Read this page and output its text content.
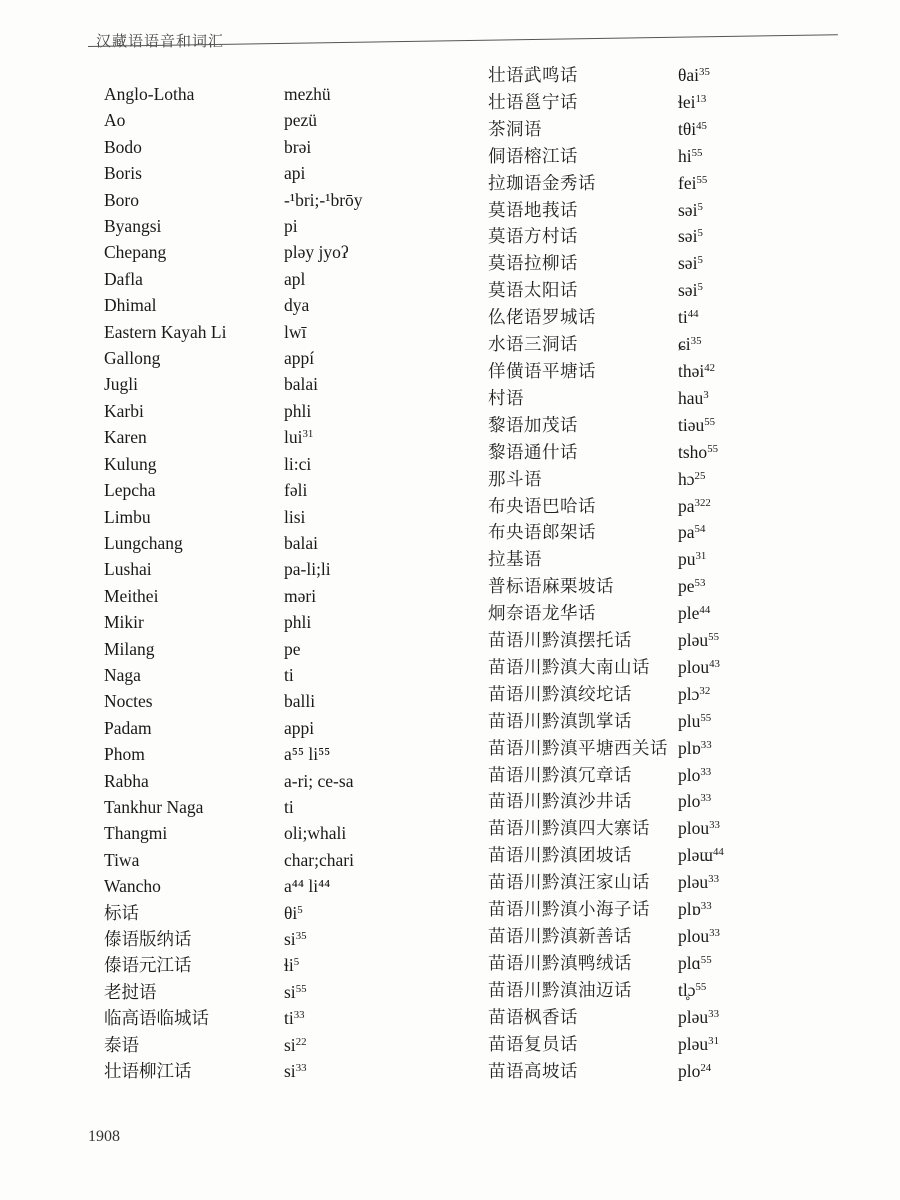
汉藏语语音和词汇
Anglo-Lotha	mezhü
Ao	pezü
Bodo	brəi
Boris	api
Boro	-¹bri;-¹brōy
Byangsi	pi
Chepang	pləy jyoʔ
Dafla	apl
Dhimal	dya
Eastern Kayah Li	lwī
Gallong	appí
Jugli	balai
Karbi	phli
Karen	lui$^{31}$
Kulung	li:ci
Lepcha	fəli
Limbu	lisi
Lungchang	balai
Lushai	pa-li;li
Meithei	məri
Mikir	phli
Milang	pe
Naga	ti
Noctes	balli
Padam	appi
Phom	a⁵⁵ li⁵⁵
Rabha	a-ri; ce-sa
Tankhur Naga	ti
Thangmi	oli;whali
Tiwa	char;chari
Wancho	a⁴⁴ li⁴⁴
标话	$\theta i^5$
傣语版纳话	$si^{35}$
傣语元江话	ɬi$^5$
老挝语	$si^{55}$
临高语临城话	$ti^{33}$
泰语	$si^{22}$
壮语柳江话	$si^{33}$
壮语武鸣话	θai$^{35}$
壮语邕宁话	ɬei$^{13}$
茶洞语	tθi$^{45}$
侗语榕江话	$hi^{55}$
拉珈语金秀话	fei$^{55}$
莫语地莪话	səi$^5$
莫语方村话	səi$^5$
莫语拉柳话	səi$^5$
莫语太阳话	səi$^5$
仫佬语罗城话	$ti^{44}$
水语三洞话	ɕi$^{35}$
佯僙语平塘话	thəi$^{42}$
村语	hau$^3$
黎语加茂话	tiəu$^{55}$
黎语通什话	tsho$^{55}$
那斗语	hɔ$^{25}$
布央语巴哈话	$pa^{322}$
布央语郎架话	$pa^{54}$
拉基语	$pu^{31}$
普标语麻栗坡话	$pe^{53}$
炯奈语龙华话	ple$^{44}$
苗语川黔滇摆托话	pləu$^{55}$
苗语川黔滇大南山话	plou$^{43}$
苗语川黔滇绞坨话	plɔ$^{32}$
苗语川黔滇凯掌话	plu$^{55}$
苗语川黔滇平塘西关话 plɒ$^{33}$
苗语川黔滇冗章话	plo$^{33}$
苗语川黔滇沙井话	plo$^{33}$
苗语川黔滇四大寨话	plou$^{33}$
苗语川黔滇团坡话	pləɯ$^{44}$
苗语川黔滇汪家山话	pləu$^{33}$
苗语川黔滇小海子话	plɒ$^{33}$
苗语川黔滇新善话	plou$^{33}$
苗语川黔滇鸭绒话	plɑ$^{55}$
苗语川黔滇油迈话	tl̥ɔ$^{55}$
苗语枫香话	pləu$^{33}$
苗语复员话	pləu$^{31}$
苗语高坡话	plo$^{24}$
1908
